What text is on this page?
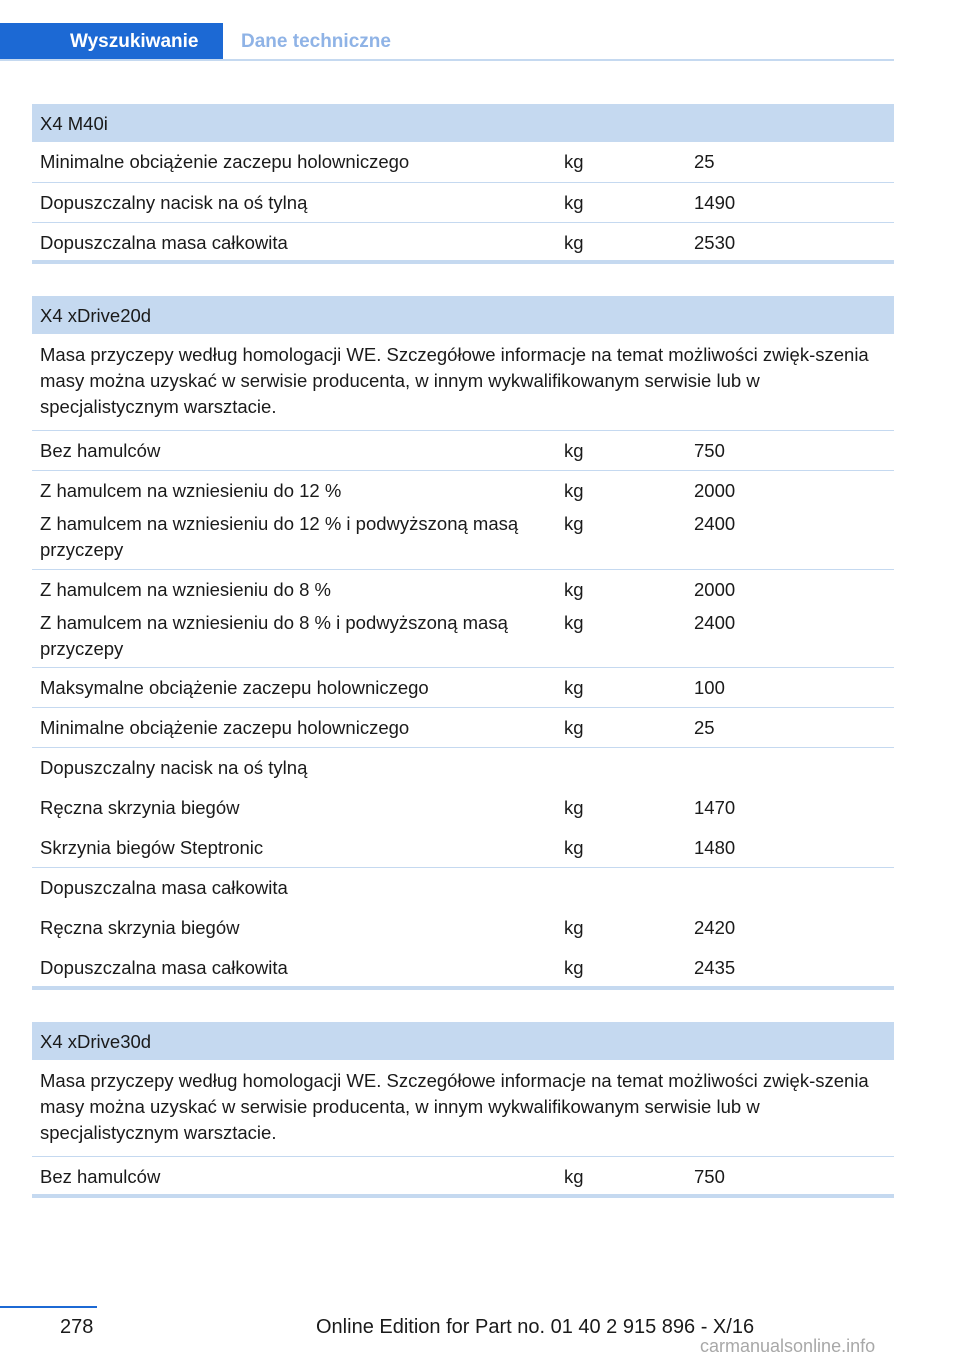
Wyszukiwanie	Dane techniczne
X4 M40i		
Minimalne obciążenie zaczepu holowniczego	kg	25
Dopuszczalny nacisk na oś tylną	kg	1490
Dopuszczalna masa całkowita	kg	2530
X4 xDrive20d		
Masa przyczepy według homologacji WE. Szczegółowe informacje na temat możliwości zwięk‐szenia masy można uzyskać w serwisie producenta, w innym wykwalifikowanym serwisie lub w specjalistycznym warsztacie.		
Bez hamulców	kg	750
Z hamulcem na wzniesieniu do 12 %	kg	2000
Z hamulcem na wzniesieniu do 12 % i podwyższoną masą przyczepy	kg	2400
Z hamulcem na wzniesieniu do 8 %	kg	2000
Z hamulcem na wzniesieniu do 8 % i podwyższoną masą przyczepy	kg	2400
Maksymalne obciążenie zaczepu holowniczego	kg	100
Minimalne obciążenie zaczepu holowniczego	kg	25
Dopuszczalny nacisk na oś tylną		
Ręczna skrzynia biegów	kg	1470
Skrzynia biegów Steptronic	kg	1480
Dopuszczalna masa całkowita		
Ręczna skrzynia biegów	kg	2420
Dopuszczalna masa całkowita	kg	2435
X4 xDrive30d
Masa przyczepy według homologacji WE. Szczegółowe informacje na temat możliwości zwięk‐szenia masy można uzyskać w serwisie producenta, w innym wykwalifikowanym serwisie lub w specjalistycznym warsztacie.
Bez hamulców	kg	750
278	Online Edition for Part no. 01 40 2 915 896 - X/16
carmanualsonline.info
